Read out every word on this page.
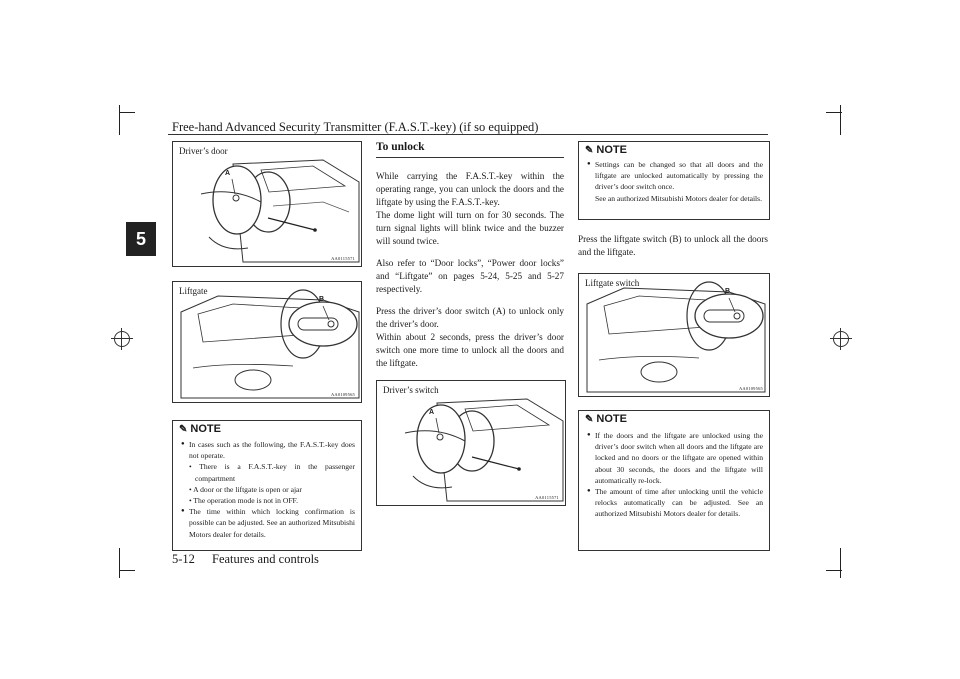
Free-hand Advanced Security Transmitter (F.A.S.T.-key) (if so equipped)
5
5-12 Features and controls
Driver’s door
A
AA0115571
Liftgate
B
AA0109565
✎ NOTE

● In cases such as the following, the F.A.S.T.-key does not operate.

• There is a F.A.S.T.-key in the passenger compartment

• A door or the liftgate is open or ajar

• The operation mode is not in OFF.

● The time within which locking confirmation is possible can be adjusted. See an authorized Mitsubishi Motors dealer for details.

To unlock

While carrying the F.A.S.T.-key within the operating range, you can unlock the doors and the liftgate by using the F.A.S.T.-key.

The dome light will turn on for 30 seconds. The turn signal lights will blink twice and the buzzer will sound twice.

Also refer to “Door locks”, “Power door locks” and “Liftgate” on pages 5-24, 5-25 and 5-27 respectively.

Press the driver’s door switch (A) to unlock only the driver’s door.

Within about 2 seconds, press the driver’s door switch one more time to unlock all the doors and the liftgate.

Driver’s switch
A
AA0115571
✎ NOTE

● Settings can be changed so that all doors and the liftgate are unlocked automatically by pressing the driver’s door switch once.

See an authorized Mitsubishi Motors dealer for details.

Press the liftgate switch (B) to unlock all the doors and the liftgate.

Liftgate switch
B
AA0109565
✎ NOTE

● If the doors and the liftgate are unlocked using the driver’s door switch when all doors and the liftgate are locked and no doors or the liftgate are opened within about 30 seconds, the doors and the liftgate will automatically re-lock.

● The amount of time after unlocking until the vehicle relocks automatically can be adjusted. See an authorized Mitsubishi Motors dealer for details.
